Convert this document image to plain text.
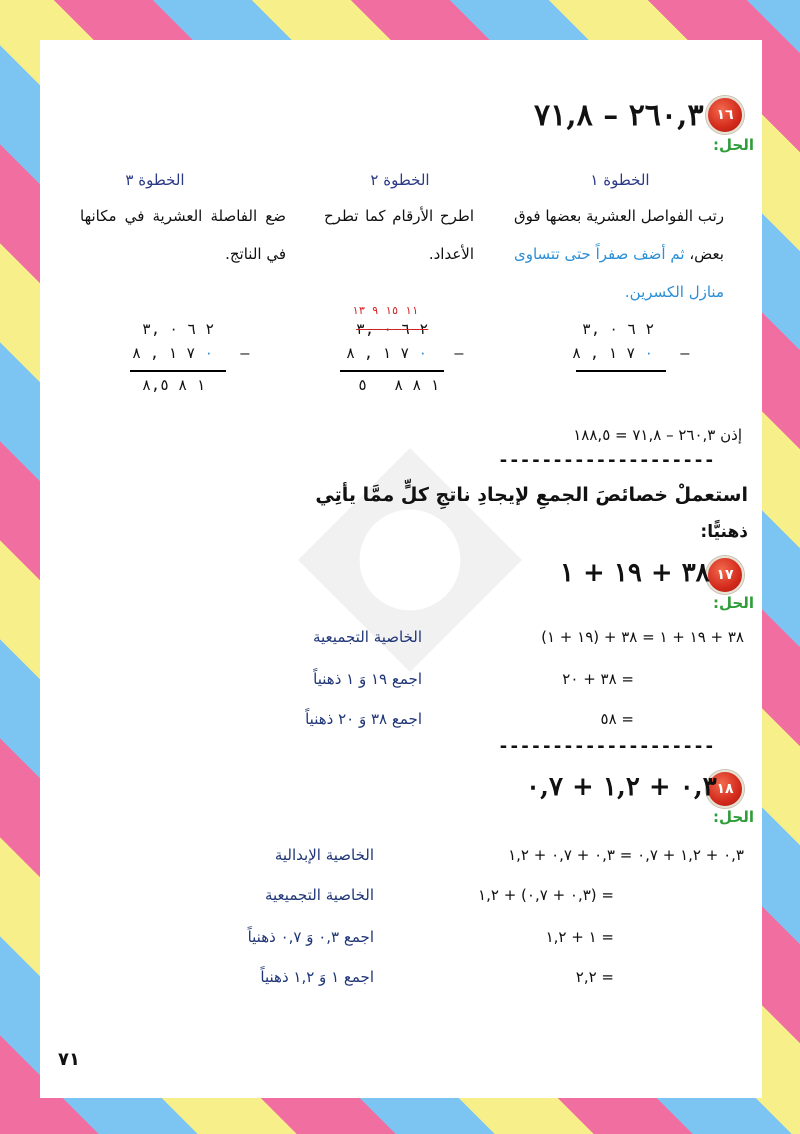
١٦
٢٦٠,٣ – ٧١,٨
الحل:
الخطوة ١
الخطوة ٢
الخطوة ٣
رتب الفواصل العشرية بعضها فوق بعض، ثم أضف صفراً حتى تتساوى منازل الكسرين.
اطرح الأرقام كما تطرح الأعداد.
ضع الفاصلة العشرية في مكانها في الناتج.
٢ ٦ ٠ ,٣
٠ ٧ ١ , ٨	–
١١ ١٥ ٩ ١٣
٢ ٦ ٠ ,٣
٠ ٧ ١ , ٨	–
١ ٨ ٨   ٥
٢ ٦ ٠ ,٣
٠ ٧ ١ , ٨	–
١ ٨ ٨,٥
إذن ٢٦٠,٣ – ٧١,٨ = ١٨٨,٥
--------------------
استعملْ خصائصَ الجمعِ لإيجادِ ناتجِ كلٍّ ممَّا يأتِي
ذهنيًّا:
١٧
٣٨ + ١٩ + ١
الحل:
٣٨ + ١٩ + ١ = ٣٨ + (١٩ + ١)
الخاصية التجميعية
= ٣٨ + ٢٠
اجمع ١٩ وَ ١ ذهنياً
= ٥٨
اجمع ٣٨ وَ ٢٠ ذهنياً
--------------------
١٨
٠,٣ + ١,٢ + ٠,٧
الحل:
٠,٣ + ١,٢ + ٠,٧ = ٠,٣ + ٠,٧ + ١,٢
الخاصية الإبدالية
= (٠,٣ + ٠,٧) + ١,٢
الخاصية التجميعية
= ١ + ١,٢
اجمع ٠,٣ وَ ٠,٧ ذهنياً
= ٢,٢
اجمع ١ وَ ١,٢ ذهنياً
٧١
